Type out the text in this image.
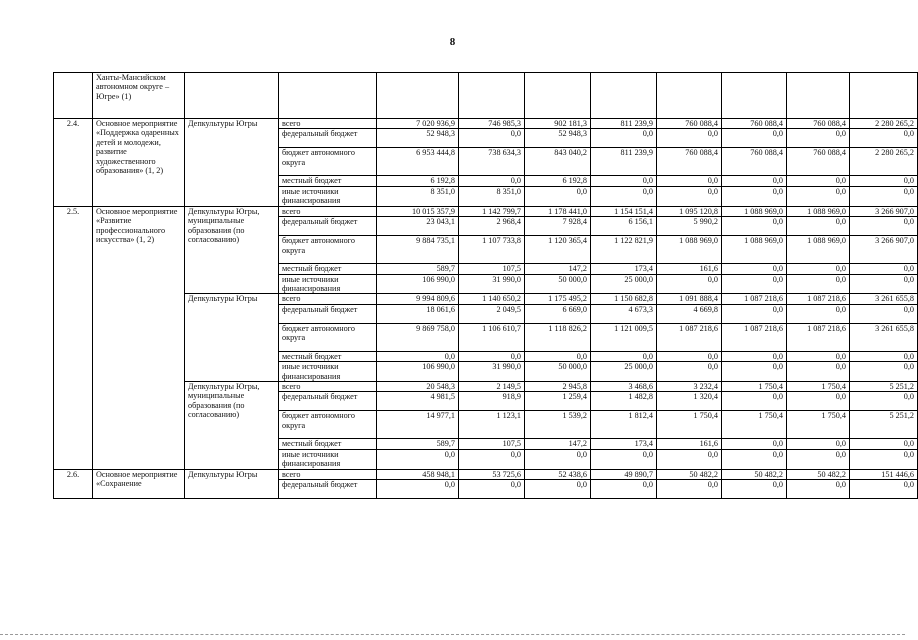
8
	Ханты-Мансийском автономном округе – Югре» (1)										
2.4.	Основное мероприятие «Поддержка одаренных детей и молодежи, развитие художественного образования» (1, 2)	Депкультуры Югры	всего	7 020 936,9	746 985,3	902 181,3	811 239,9	760 088,4	760 088,4	760 088,4	2 280 265,2
			федеральный бюджет	52 948,3	0,0	52 948,3	0,0	0,0	0,0	0,0	0,0
			бюджет автономного округа	6 953 444,8	738 634,3	843 040,2	811 239,9	760 088,4	760 088,4	760 088,4	2 280 265,2
			местный бюджет	6 192,8	0,0	6 192,8	0,0	0,0	0,0	0,0	0,0
			иные источники финансирования	8 351,0	8 351,0	0,0	0,0	0,0	0,0	0,0	0,0
2.5.	Основное мероприятие «Развитие профессионального искусства» (1, 2)	Депкультуры Югры, муниципальные образования (по согласованию)	всего	10 015 357,9	1 142 799,7	1 178 441,0	1 154 151,4	1 095 120,8	1 088 969,0	1 088 969,0	3 266 907,0
			федеральный бюджет	23 043,1	2 968,4	7 928,4	6 156,1	5 990,2	0,0	0,0	0,0
			бюджет автономного округа	9 884 735,1	1 107 733,8	1 120 365,4	1 122 821,9	1 088 969,0	1 088 969,0	1 088 969,0	3 266 907,0
			местный бюджет	589,7	107,5	147,2	173,4	161,6	0,0	0,0	0,0
			иные источники финансирования	106 990,0	31 990,0	50 000,0	25 000,0	0,0	0,0	0,0	0,0
		Депкультуры Югры	всего	9 994 809,6	1 140 650,2	1 175 495,2	1 150 682,8	1 091 888,4	1 087 218,6	1 087 218,6	3 261 655,8
			федеральный бюджет	18 061,6	2 049,5	6 669,0	4 673,3	4 669,8	0,0	0,0	0,0
			бюджет автономного округа	9 869 758,0	1 106 610,7	1 118 826,2	1 121 009,5	1 087 218,6	1 087 218,6	1 087 218,6	3 261 655,8
			местный бюджет	0,0	0,0	0,0	0,0	0,0	0,0	0,0	0,0
			иные источники финансирования	106 990,0	31 990,0	50 000,0	25 000,0	0,0	0,0	0,0	0,0
		Депкультуры Югры, муниципальные образования (по согласованию)	всего	20 548,3	2 149,5	2 945,8	3 468,6	3 232,4	1 750,4	1 750,4	5 251,2
			федеральный бюджет	4 981,5	918,9	1 259,4	1 482,8	1 320,4	0,0	0,0	0,0
			бюджет автономного округа	14 977,1	1 123,1	1 539,2	1 812,4	1 750,4	1 750,4	1 750,4	5 251,2
			местный бюджет	589,7	107,5	147,2	173,4	161,6	0,0	0,0	0,0
			иные источники финансирования	0,0	0,0	0,0	0,0	0,0	0,0	0,0	0,0
2.6.	Основное мероприятие «Сохранение	Депкультуры Югры	всего	458 948,1	53 725,6	52 438,6	49 890,7	50 482,2	50 482,2	50 482,2	151 446,6
			федеральный бюджет	0,0	0,0	0,0	0,0	0,0	0,0	0,0	0,0
